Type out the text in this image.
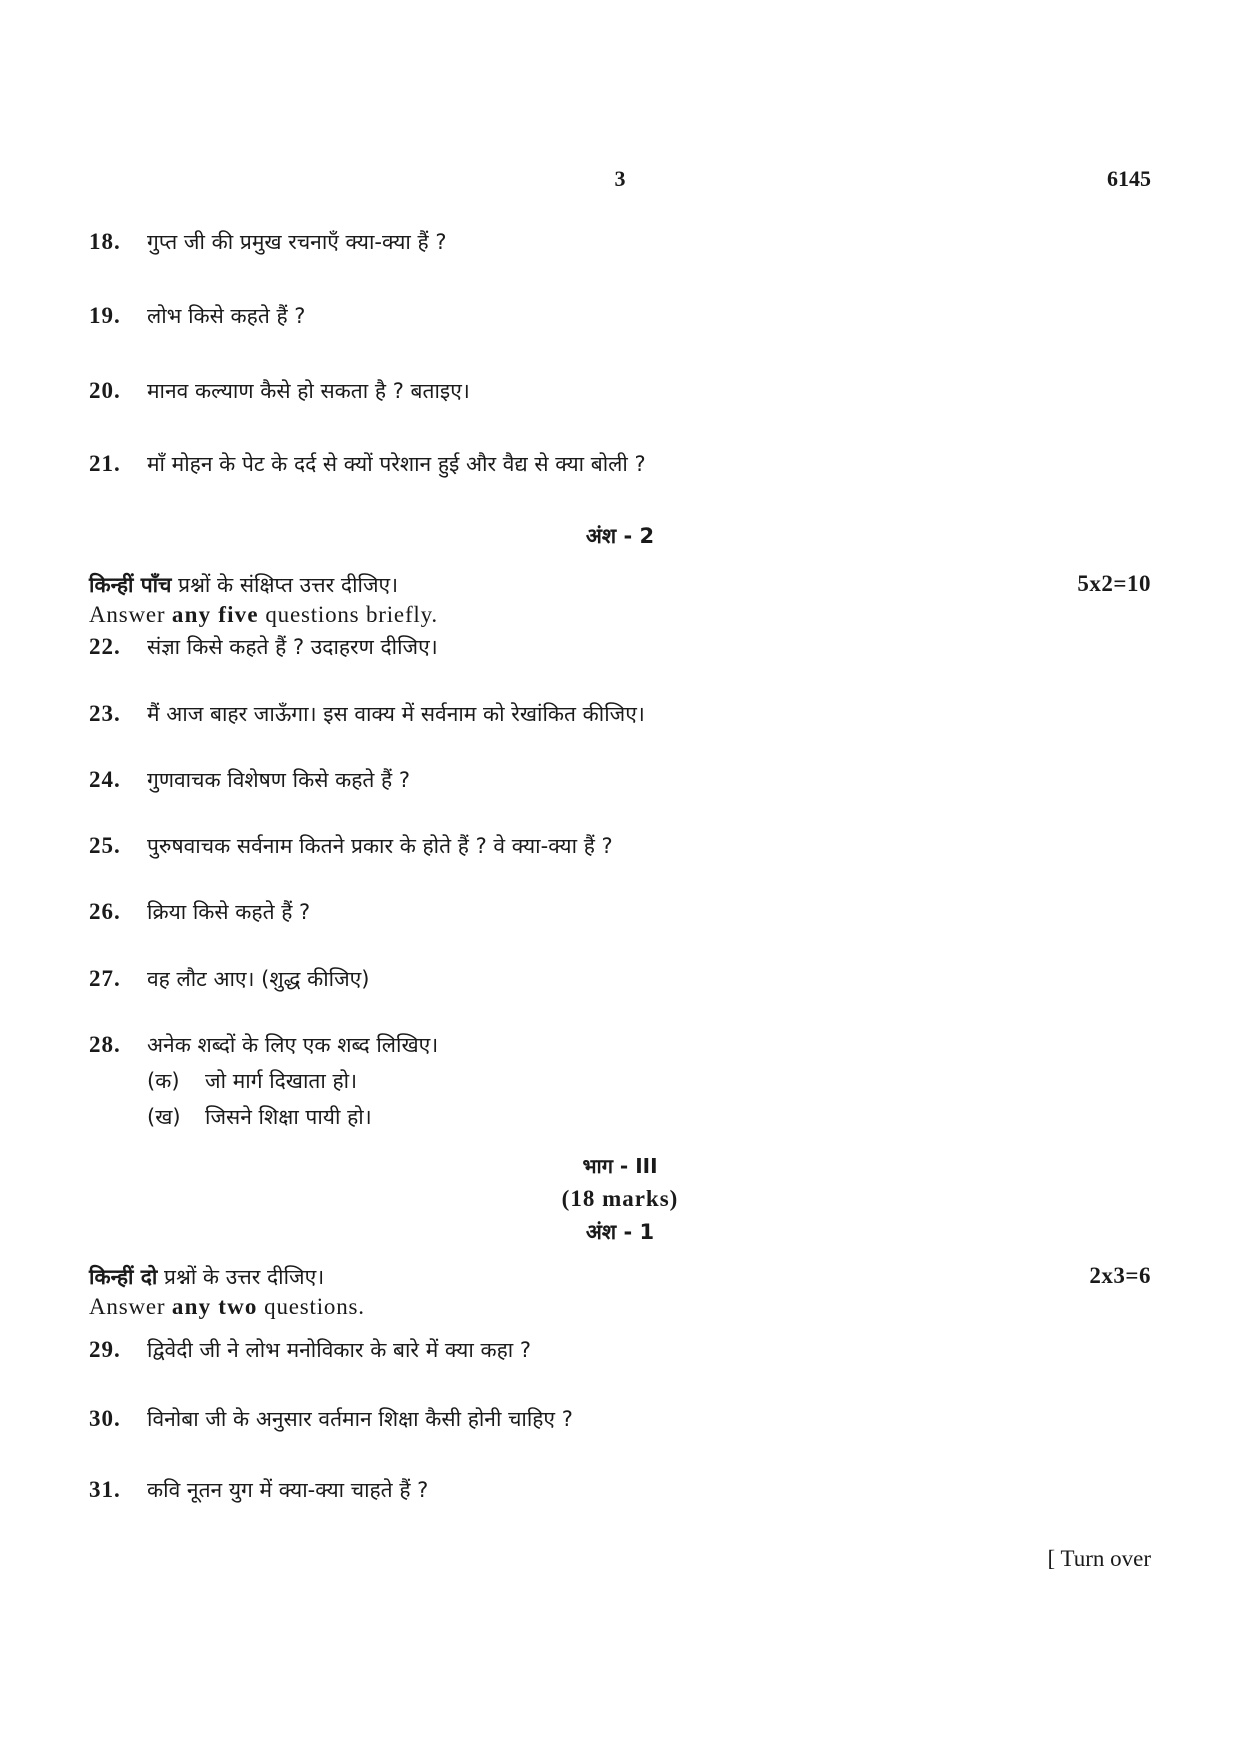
3	6145
18. गुप्त जी की प्रमुख रचनाएँ क्या-क्या हैं ?
19. लोभ किसे कहते हैं ?
20. मानव कल्याण कैसे हो सकता है ? बताइए।
21. माँ मोहन के पेट के दर्द से क्यों परेशान हुई और वैद्य से क्या बोली ?
अंश - 2
किन्हीं पाँच प्रश्नों के संक्षिप्त उत्तर दीजिए।	5x2=10
Answer any five questions briefly.
22. संज्ञा किसे कहते हैं ? उदाहरण दीजिए।
23. मैं आज बाहर जाऊँगा। इस वाक्य में सर्वनाम को रेखांकित कीजिए।
24. गुणवाचक विशेषण किसे कहते हैं ?
25. पुरुषवाचक सर्वनाम कितने प्रकार के होते हैं ? वे क्या-क्या हैं ?
26. क्रिया किसे कहते हैं ?
27. वह लौट आए। (शुद्ध कीजिए)
28. अनेक शब्दों के लिए एक शब्द लिखिए।
(क) जो मार्ग दिखाता हो।
(ख) जिसने शिक्षा पायी हो।
भाग - III
(18 marks)
अंश - 1
किन्हीं दो प्रश्नों के उत्तर दीजिए।	2x3=6
Answer any two questions.
29. द्विवेदी जी ने लोभ मनोविकार के बारे में क्या कहा ?
30. विनोबा जी के अनुसार वर्तमान शिक्षा कैसी होनी चाहिए ?
31. कवि नूतन युग में क्या-क्या चाहते हैं ?
[ Turn over
